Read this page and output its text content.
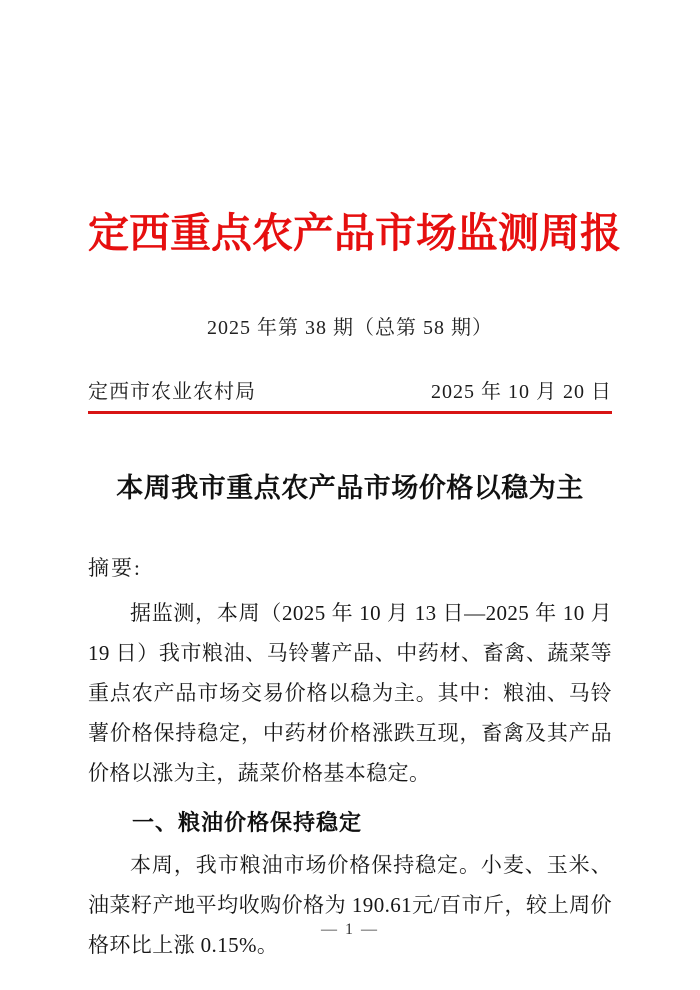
定西重点农产品市场监测周报
2025 年第 38 期（总第 58 期）
定西市农业农村局	2025 年 10 月 20 日
本周我市重点农产品市场价格以稳为主
摘要:

据监测，本周（2025 年 10 月 13 日—2025 年 10 月 19 日）我市粮油、马铃薯产品、中药材、畜禽、蔬菜等重点农产品市场交易价格以稳为主。其中：粮油、马铃薯价格保持稳定，中药材价格涨跌互现，畜禽及其产品价格以涨为主，蔬菜价格基本稳定。

一、粮油价格保持稳定

本周，我市粮油市场价格保持稳定。小麦、玉米、油菜籽产地平均收购价格为 190.61元/百市斤，较上周价格环比上涨 0.15%。

— 1 —
